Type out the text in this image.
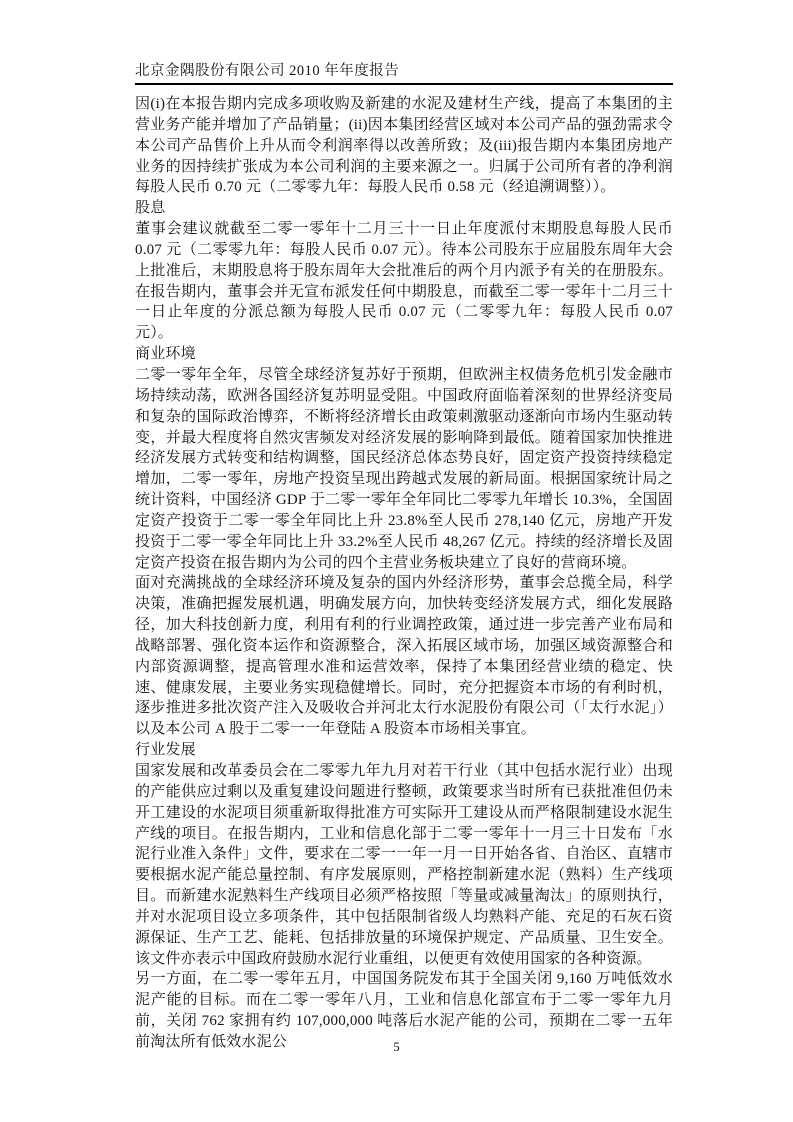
北京金隅股份有限公司 2010 年年度报告

因(i)在本报告期内完成多项收购及新建的水泥及建材生产线，提高了本集团的主营业务产能并增加了产品销量；(ii)因本集团经营区域对本公司产品的强劲需求令本公司产品售价上升从而令利润率得以改善所致；及(iii)报告期内本集团房地产业务的因持续扩张成为本公司利润的主要来源之一。归属于公司所有者的净利润每股人民币 0.70 元（二零零九年：每股人民币 0.58 元（经追溯调整））。

股息

董事会建议就截至二零一零年十二月三十一日止年度派付末期股息每股人民币 0.07 元（二零零九年：每股人民币 0.07 元）。待本公司股东于应届股东周年大会上批准后，末期股息将于股东周年大会批准后的两个月内派予有关的在册股东。在报告期内，董事会并无宣布派发任何中期股息，而截至二零一零年十二月三十一日止年度的分派总额为每股人民币 0.07 元（二零零九年：每股人民币 0.07 元）。

商业环境

二零一零年全年，尽管全球经济复苏好于预期，但欧洲主权债务危机引发金融市场持续动荡，欧洲各国经济复苏明显受阻。中国政府面临着深刻的世界经济变局和复杂的国际政治博弈，不断将经济增长由政策刺激驱动逐渐向市场内生驱动转变，并最大程度将自然灾害频发对经济发展的影响降到最低。随着国家加快推进经济发展方式转变和结构调整，国民经济总体态势良好，固定资产投资持续稳定增加，二零一零年，房地产投资呈现出跨越式发展的新局面。根据国家统计局之统计资料，中国经济 GDP 于二零一零年全年同比二零零九年增长 10.3%，全国固定资产投资于二零一零全年同比上升 23.8%至人民币 278,140 亿元，房地产开发投资于二零一零全年同比上升 33.2%至人民币 48,267 亿元。持续的经济增长及固定资产投资在报告期内为公司的四个主营业务板块建立了良好的营商环境。

面对充满挑战的全球经济环境及复杂的国内外经济形势，董事会总揽全局，科学决策，准确把握发展机遇，明确发展方向，加快转变经济发展方式，细化发展路径，加大科技创新力度，利用有利的行业调控政策，通过进一步完善产业布局和战略部署、强化资本运作和资源整合，深入拓展区域市场，加强区域资源整合和内部资源调整，提高管理水准和运营效率，保持了本集团经营业绩的稳定、快速、健康发展，主要业务实现稳健增长。同时，充分把握资本市场的有利时机，逐步推进多批次资产注入及吸收合并河北太行水泥股份有限公司（「太行水泥」）以及本公司 A 股于二零一一年登陆 A 股资本市场相关事宜。

行业发展

国家发展和改革委员会在二零零九年九月对若干行业（其中包括水泥行业）出现的产能供应过剩以及重复建设问题进行整顿，政策要求当时所有已获批准但仍未开工建设的水泥项目须重新取得批准方可实际开工建设从而严格限制建设水泥生产线的项目。在报告期内，工业和信息化部于二零一零年十一月三十日发布「水泥行业准入条件」文件，要求在二零一一年一月一日开始各省、自治区、直辖市要根据水泥产能总量控制、有序发展原则，严格控制新建水泥（熟料）生产线项目。而新建水泥熟料生产线项目必须严格按照「等量或减量淘汰」的原则执行，并对水泥项目设立多项条件，其中包括限制省级人均熟料产能、充足的石灰石资源保证、生产工艺、能耗、包括排放量的环境保护规定、产品质量、卫生安全。该文件亦表示中国政府鼓励水泥行业重组，以便更有效使用国家的各种资源。

另一方面，在二零一零年五月，中国国务院发布其于全国关闭 9,160 万吨低效水泥产能的目标。而在二零一零年八月，工业和信息化部宣布于二零一零年九月前，关闭 762 家拥有约 107,000,000 吨落后水泥产能的公司，预期在二零一五年前淘汰所有低效水泥公	5
